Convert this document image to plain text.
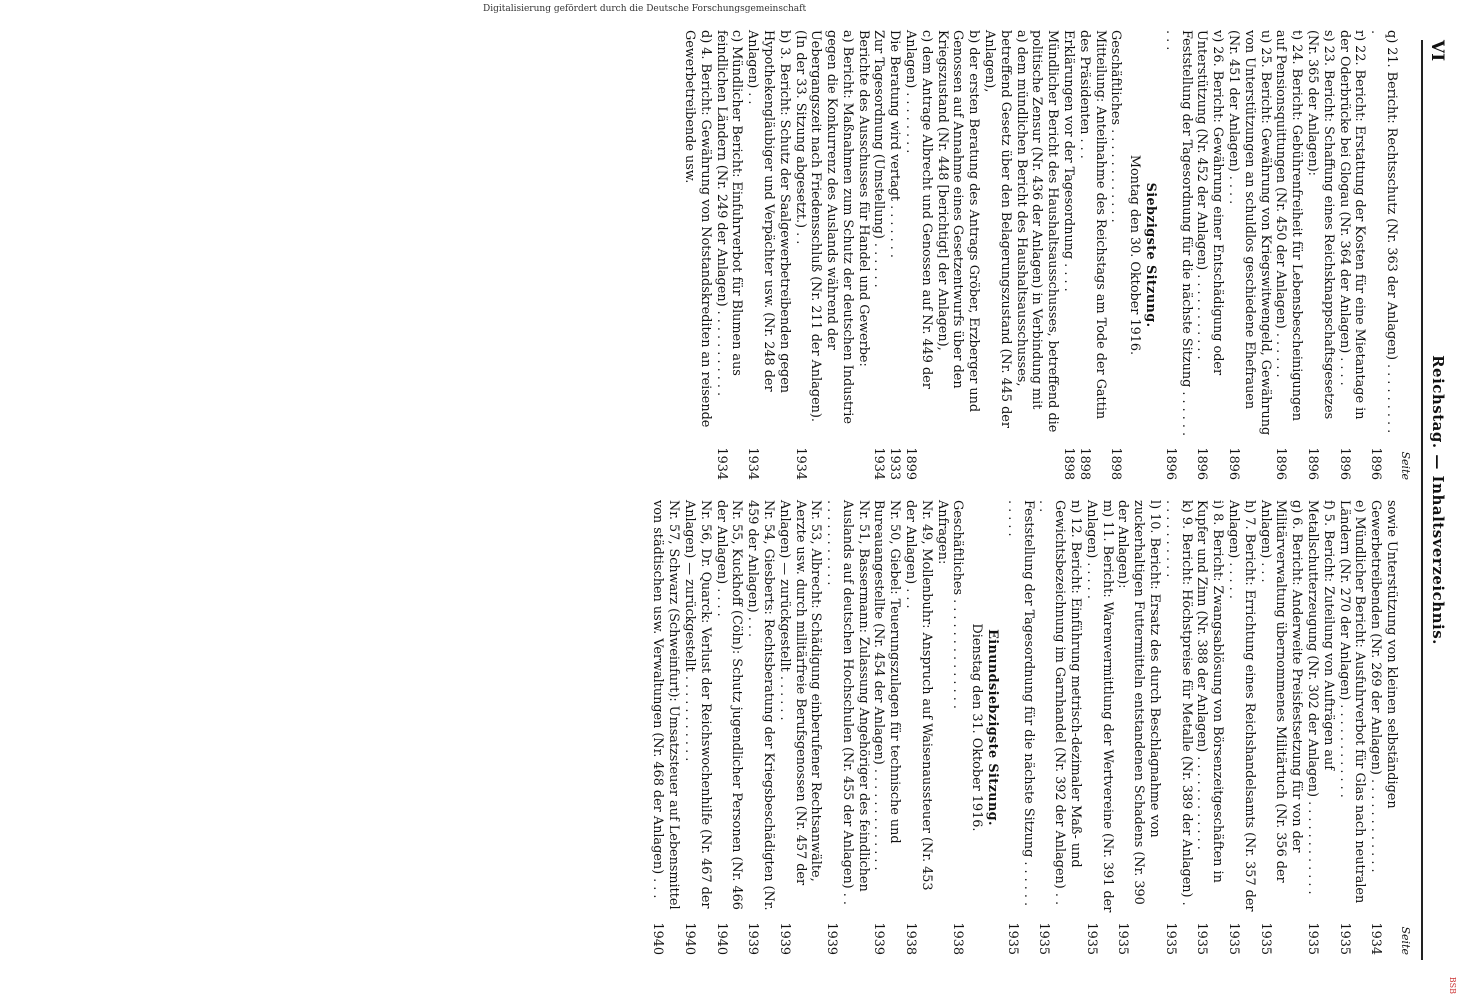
VI
Reichstag. — Inhaltsverzeichnis.
Seite
q) 21. Bericht: Rechtsschutz (Nr. 363 der Anlagen) . . . . . . . . . .
1896
r) 22. Bericht: Erstattung der Kosten für eine Mietantage in der Oderbrücke bei Glogau (Nr. 364 der Anlagen) . . . .
1896
s) 23. Bericht: Schaffung eines Reichsknappschaftsgesetzes (Nr. 365 der Anlagen):
1896
t) 24. Bericht: Gebührenfreiheit für Lebensbescheinigungen auf Pensionsquittungen (Nr. 450 der Anlagen) . . . . . .
1896
u) 25. Bericht: Gewährung von Kriegswitwengeld, Gewährung von Unterstützungen an schuldlos geschiedene Ehefrauen (Nr. 451 der Anlagen) . . . .
1896
v) 26. Bericht: Gewährung einer Entschädigung oder Unterstützung (Nr. 452 der Anlagen) . . . . . . . . . . .
1896
Feststellung der Tagesordnung für die nächste Sitzung . . . . . . . . .
1896
Siebzigste Sitzung.
Montag den 30. Oktober 1916.
Geschäftliches . . . . . . . . . . . .
1898
Mitteilung: Anteilnahme des Reichstags am Tode der Gattin des Präsidenten . . .
1898
Erklärungen vor der Tagesordnung . . . .
1898
Mündlicher Bericht des Haushaltsausschusses, betreffend die politische Zensur (Nr. 436 der Anlagen) in Verbindung mit
a) dem mündlichen Bericht des Haushaltsausschusses, betreffend Gesetz über den Belagerungszustand (Nr. 445 der Anlagen),
b) der ersten Beratung des Antrags Gröber, Erzberger und Genossen auf Annahme eines Gesetzentwurfs über den Kriegszustand (Nr. 448 [berichtigt] der Anlagen),
c) dem Antrage Albrecht und Genossen auf Nr. 449 der Anlagen) . . . . . . . .
1899
Die Beratung wird vertagt . . . . . . .
1933
Zur Tagesordnung (Umstellung) . . . . . .
1934
Berichte des Ausschusses für Handel und Gewerbe:
a) Bericht: Maßnahmen zum Schutz der deutschen Industrie gegen die Konkurrenz des Auslands während der Uebergangszeit nach Friedensschluß (Nr. 211 der Anlagen). (In der 33. Sitzung abgesetzt.) . .
1934
b) 3. Bericht: Schutz der Saalgewerbetreibenden gegen Hypothekengläubiger und Verpächter usw. (Nr. 248 der Anlagen) . .
1934
c) Mündlicher Bericht: Einfuhrverbot für Blumen aus feindlichen Ländern (Nr. 249 der Anlagen) . . . . . . . . . . .
1934
d) 4. Bericht: Gewährung von Notstandskrediten an reisende Gewerbetreibende usw.
Seite
sowie Unterstützung von kleinen selbständigen Gewerbetreibenden (Nr. 269 der Anlagen) . . . . . . . . . . . .
1934
e) Mündlicher Bericht: Ausfuhrverbot für Glas nach neutralen Ländern (Nr. 270 der Anlagen) . . . . . . . . . . . .
1935
f) 5. Bericht: Zuteilung von Aufträgen auf Metallschutterzeugung (Nr. 302 der Anlagen) . . . . . . . . . . . .
1935
g) 6. Bericht: Anderweite Preisfestsetzung für von der Militärverwaltung übernommenes Militärtuch (Nr. 356 der Anlagen) . . .
1935
h) 7. Bericht: Errichtung eines Reichshandelsamts (Nr. 357 der Anlagen) . . . . .
1935
i) 8. Bericht: Zwangsablösung von Börsenzeitgeschäften in Kupfer und Zinn (Nr. 388 der Anlagen) . . . . . . . . . . . .
1935
k) 9. Bericht: Höchstpreise für Metalle (Nr. 389 der Anlagen) . . . . . . . . . . .
1935
l) 10. Bericht: Ersatz des durch Beschlagnahme von zuckerhaltigen Futtermitteln entstandenen Schadens (Nr. 390 der Anlagen):
1935
m) 11. Bericht: Warenvermittlung der Wertvereine (Nr. 391 der Anlagen) . . . . .
1935
n) 12. Bericht: Einführung metrisch-dezimaler Maß- und Gewichtsbezeichnung im Garnhandel (Nr. 392 der Anlagen) . . . .
1935
Feststellung der Tagesordnung für die nächste Sitzung . . . . . . . . . . .
1935
Einundsiebzigste Sitzung.
Dienstag den 31. Oktober 1916.
Geschäftliches . . . . . . . . . . . . . .
1938
Anfragen:
Nr. 49, Mollenbuhr: Anspruch auf Waisenaussteuer (Nr. 453 der Anlagen) . . .
1938
Nr. 50, Giebel: Teuerungszulagen für technische und Bureauangestellte (Nr. 454 der Anlagen) . . . . . . . . . . . . .
1939
Nr. 51, Bassermann: Zulassung Angehöriger des feindlichen Auslands auf deutschen Hochschulen (Nr. 455 der Anlagen) . . . . . . . . . . . . .
1939
Nr. 53, Albrecht: Schädigung einberufener Rechtsanwälte, Aerzte usw. durch militärfreie Berufsgenossen (Nr. 457 der Anlagen) — zurückgestellt . . . . . .
1939
Nr. 54, Giesberts: Rechtsberatung der Kriegsbeschädigten (Nr. 459 der Anlagen) . . .
1939
Nr. 55, Kuckhoff (Cöln): Schutz jugendlicher Personen (Nr. 466 der Anlagen) . . . .
1940
Nr. 56, Dr. Quarck: Verlust der Reichswochenhilfe (Nr. 467 der Anlagen) — zurückgestellt . . . . . . . . . . .
1940
Nr. 57, Schwarz (Schweinfurt): Umsatzsteuer auf Lebensmittel von städtischen usw. Verwaltungen (Nr. 468 der Anlagen) . . .
1940
Digitalisierung gefördert durch die Deutsche Forschungsgemeinschaft
BSB
